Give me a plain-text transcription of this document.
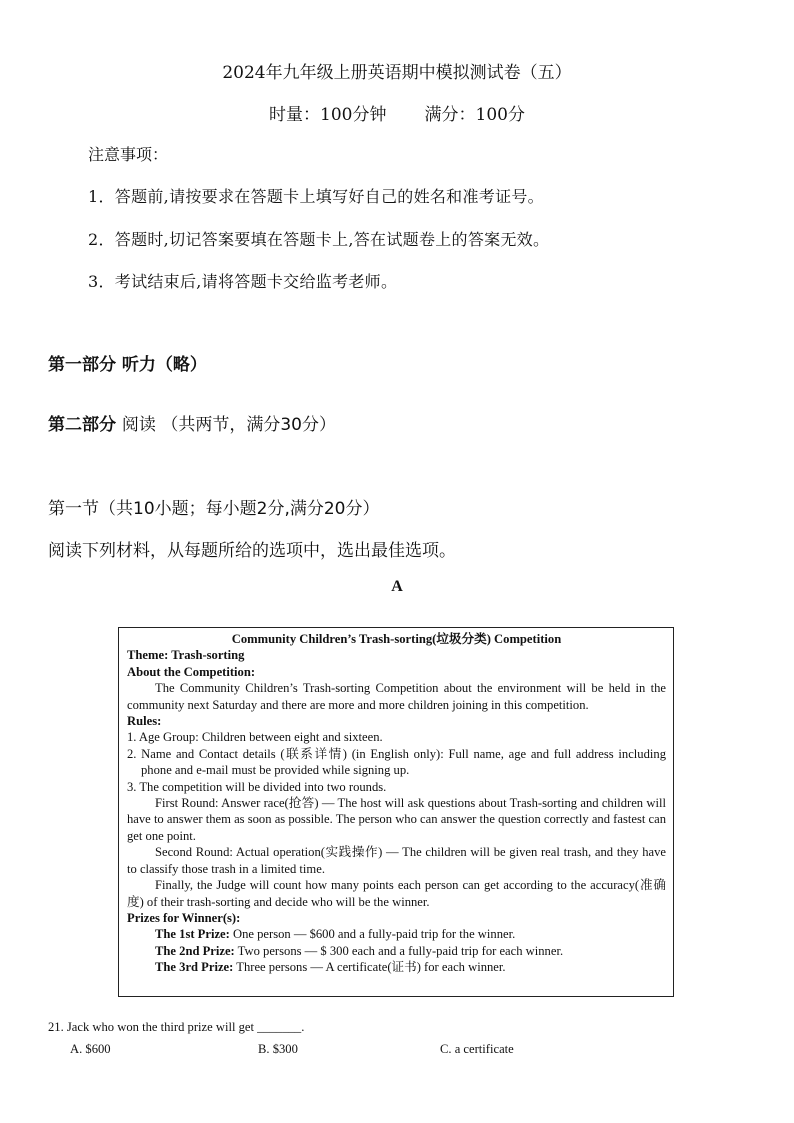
2024年九年级上册英语期中模拟测试卷（五）
时量：100分钟 满分：100分
注意事项：
1．答题前,请按要求在答题卡上填写好自己的姓名和准考证号。
2．答题时,切记答案要填在答题卡上,答在试题卷上的答案无效。
3．考试结束后,请将答题卡交给监考老师。
第一部分 听力（略）
第二部分 阅读 （共两节，满分30分）
第一节（共10小题；每小题2分,满分20分）
阅读下列材料，从每题所给的选项中，选出最佳选项。
A

Community Children’s Trash-sorting(垃圾分类) Competition

Theme: Trash-sorting

About the Competition:

The Community Children’s Trash-sorting Competition about the environment will be held in the community next Saturday and there are more and more children joining in this competition.

Rules:

1. Age Group: Children between eight and sixteen.

2. Name and Contact details (联系详情) (in English only): Full name, age and full address including phone and e-mail must be provided while signing up.

3. The competition will be divided into two rounds.

First Round: Answer race(抢答) — The host will ask questions about Trash-sorting and children will have to answer them as soon as possible. The person who can answer the question correctly and fastest can get one point.

Second Round: Actual operation(实践操作) — The children will be given real trash, and they have to classify those trash in a limited time.

Finally, the Judge will count how many points each person can get according to the accuracy(准确度) of their trash-sorting and decide who will be the winner.

Prizes for Winner(s):

The 1st Prize: One person — $600 and a fully-paid trip for the winner.

The 2nd Prize: Two persons — $ 300 each and a fully-paid trip for each winner.

The 3rd Prize: Three persons — A certificate(证书) for each winner.

21. Jack who won the third prize will get _______.
A. $600	B. $300	C. a certificate
